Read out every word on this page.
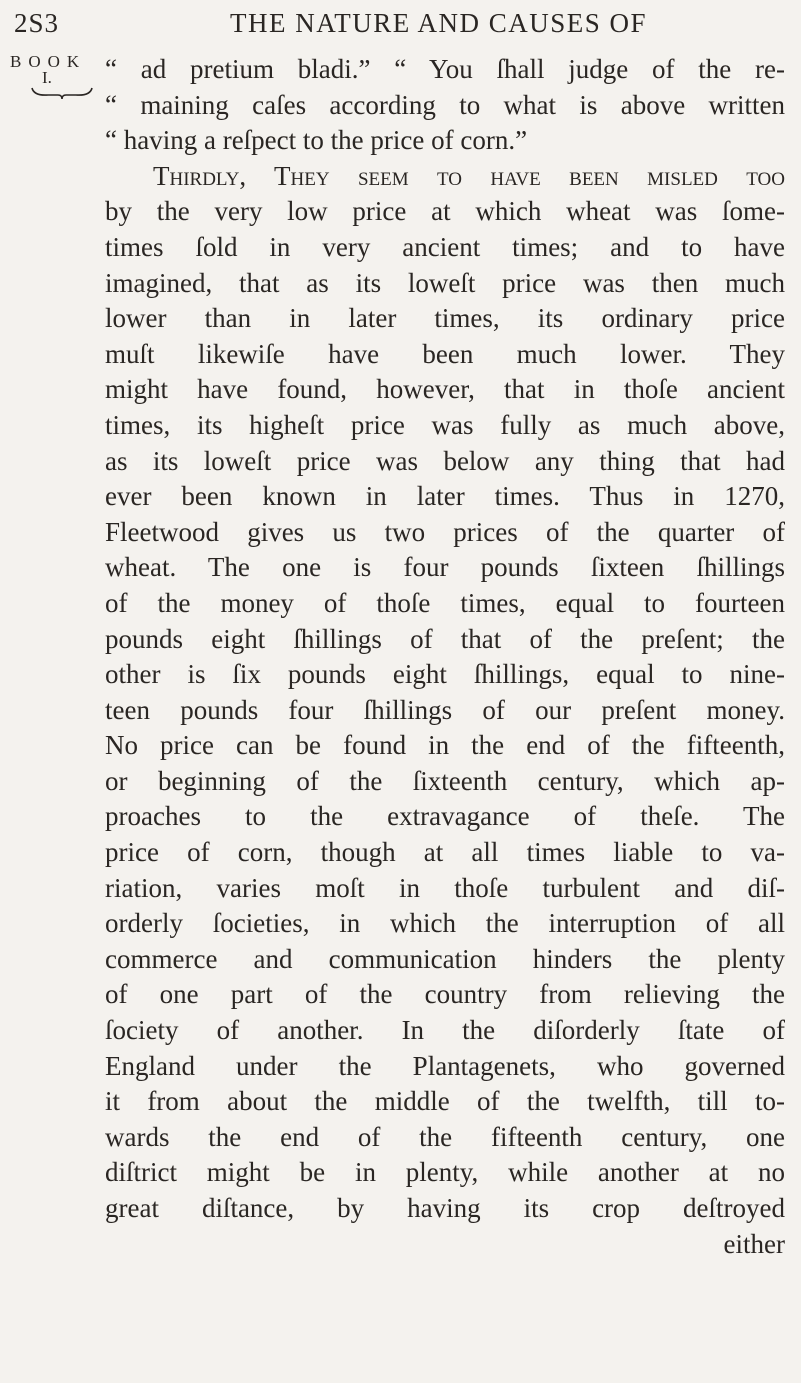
2S3	THE NATURE AND CAUSES OF
BOOK
I. “ ad pretium bladi.” “ You ſhall judge of the re-
“ maining caſes according to what is above written
“ having a reſpect to the price of corn.”
Thirdly, They ſeem to have been miſled too
by the very low price at which wheat was ſome-
times ſold in very ancient times; and to have
imagined, that as its loweſt price was then much
lower than in later times, its ordinary price
muſt likewiſe have been much lower. They
might have found, however, that in thoſe ancient
times, its higheſt price was fully as much above,
as its loweſt price was below any thing that had
ever been known in later times. Thus in 1270,
Fleetwood gives us two prices of the quarter of
wheat. The one is four pounds ſixteen ſhillings
of the money of thoſe times, equal to fourteen
pounds eight ſhillings of that of the preſent; the
other is ſix pounds eight ſhillings, equal to nine-
teen pounds four ſhillings of our preſent money.
No price can be found in the end of the fifteenth,
or beginning of the ſixteenth century, which ap-
proaches to the extravagance of theſe. The
price of corn, though at all times liable to va-
riation, varies moſt in thoſe turbulent and diſ-
orderly ſocieties, in which the interruption of all
commerce and communication hinders the plenty
of one part of the country from relieving the
ſociety of another. In the diſorderly ſtate of
England under the Plantagenets, who governed
it from about the middle of the twelfth, till to-
wards the end of the fifteenth century, one
diſtrict might be in plenty, while another at no
great diſtance, by having its crop deſtroyed
either
